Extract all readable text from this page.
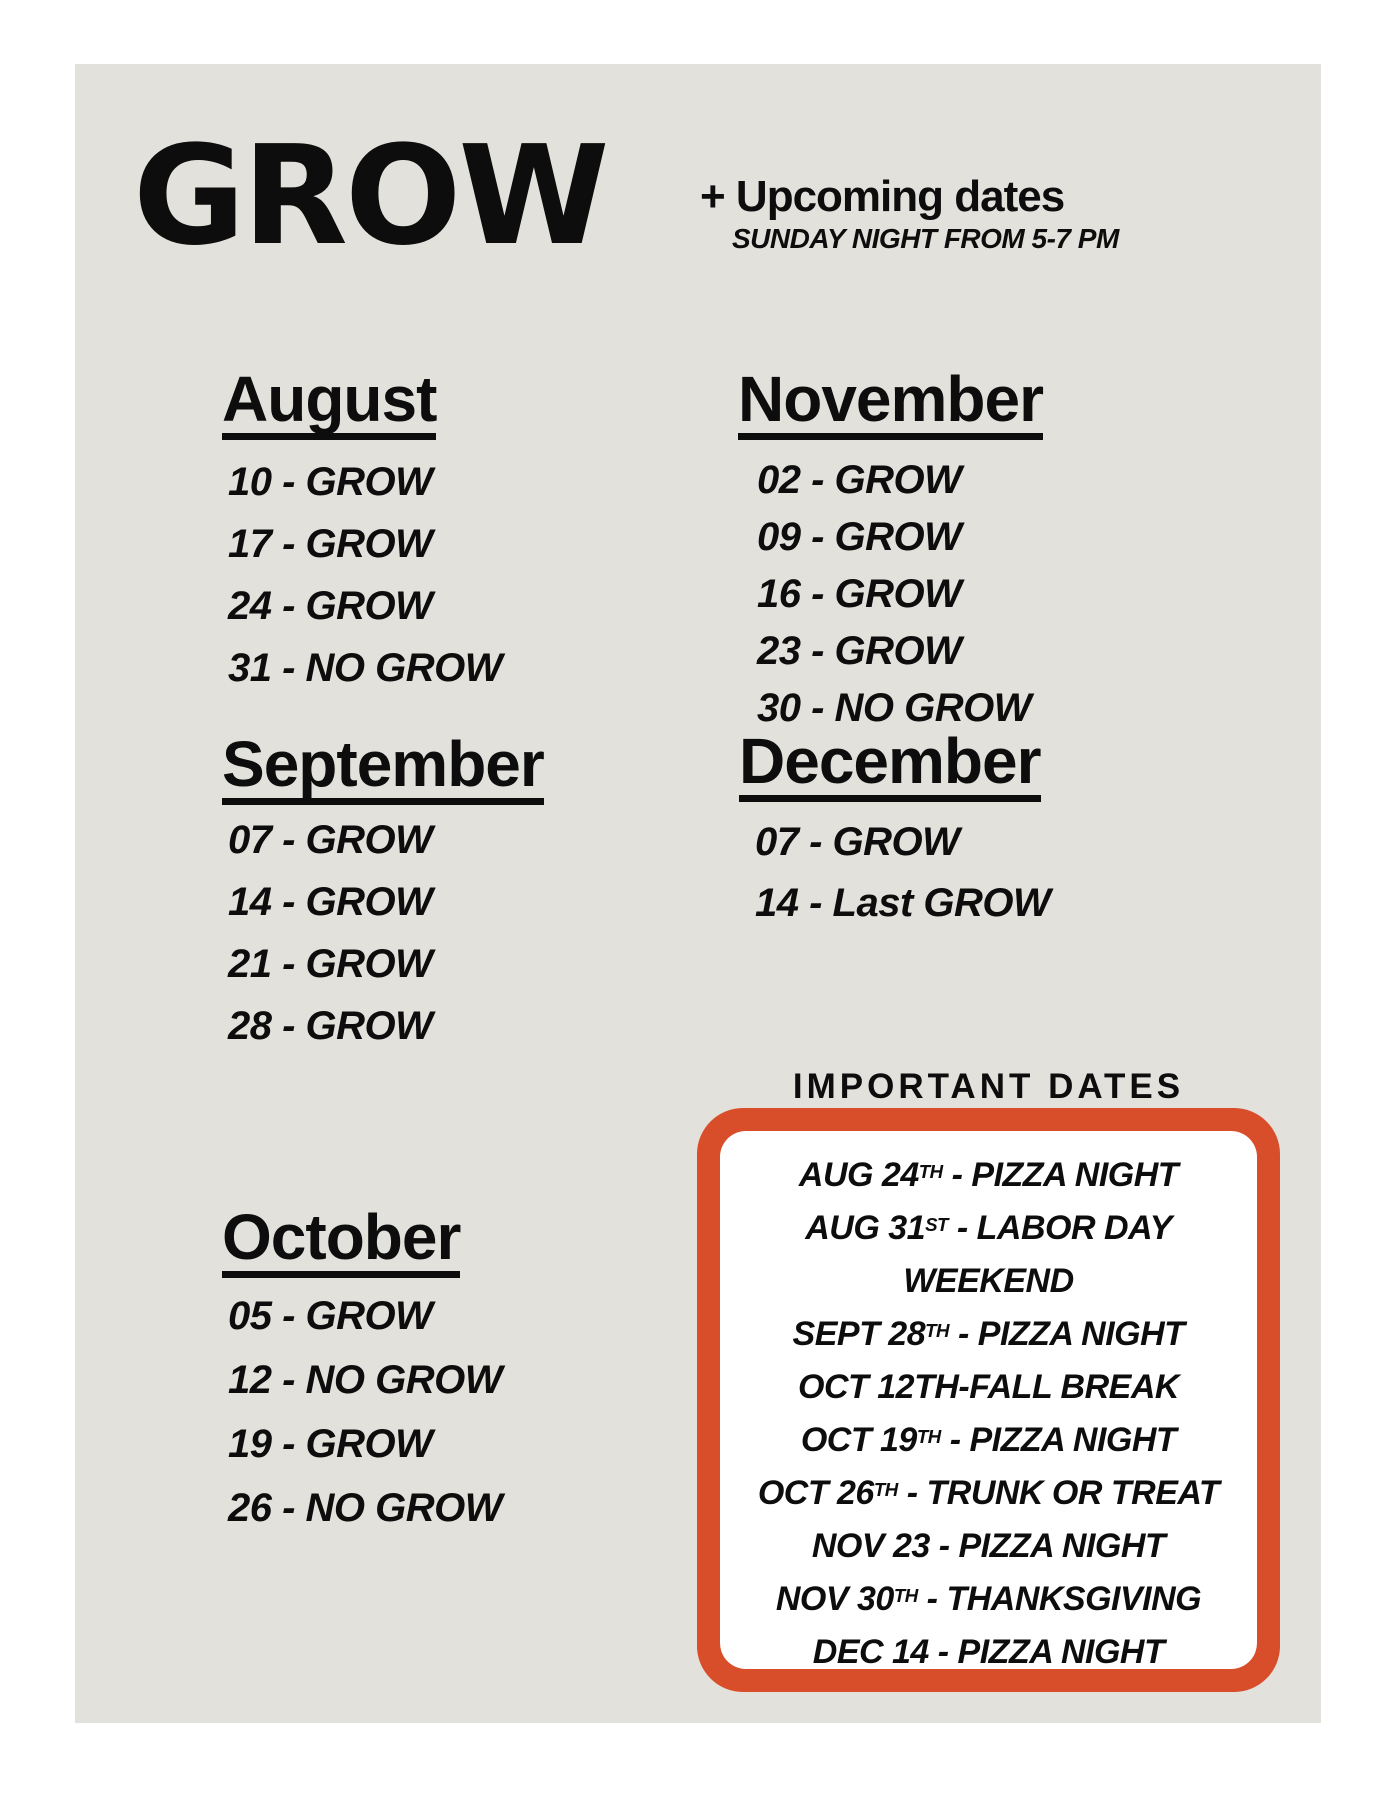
GROW + Upcoming dates
SUNDAY NIGHT FROM 5-7 PM
August
10 - GROW
17 - GROW
24 - GROW
31 - NO GROW
September
07 - GROW
14 - GROW
21 - GROW
28 - GROW
October
05 - GROW
12 - NO GROW
19 - GROW
26 - NO GROW
November
02 - GROW
09 - GROW
16 - GROW
23 - GROW
30 - NO GROW
December
07 - GROW
14 - Last GROW
IMPORTANT DATES
AUG 24TH - PIZZA NIGHT
AUG 31ST - LABOR DAY
WEEKEND
SEPT 28TH - PIZZA NIGHT
OCT 12TH-FALL BREAK
OCT 19TH - PIZZA NIGHT
OCT 26TH - TRUNK OR TREAT
NOV 23 - PIZZA NIGHT
NOV 30TH - THANKSGIVING
DEC 14 - PIZZA NIGHT
